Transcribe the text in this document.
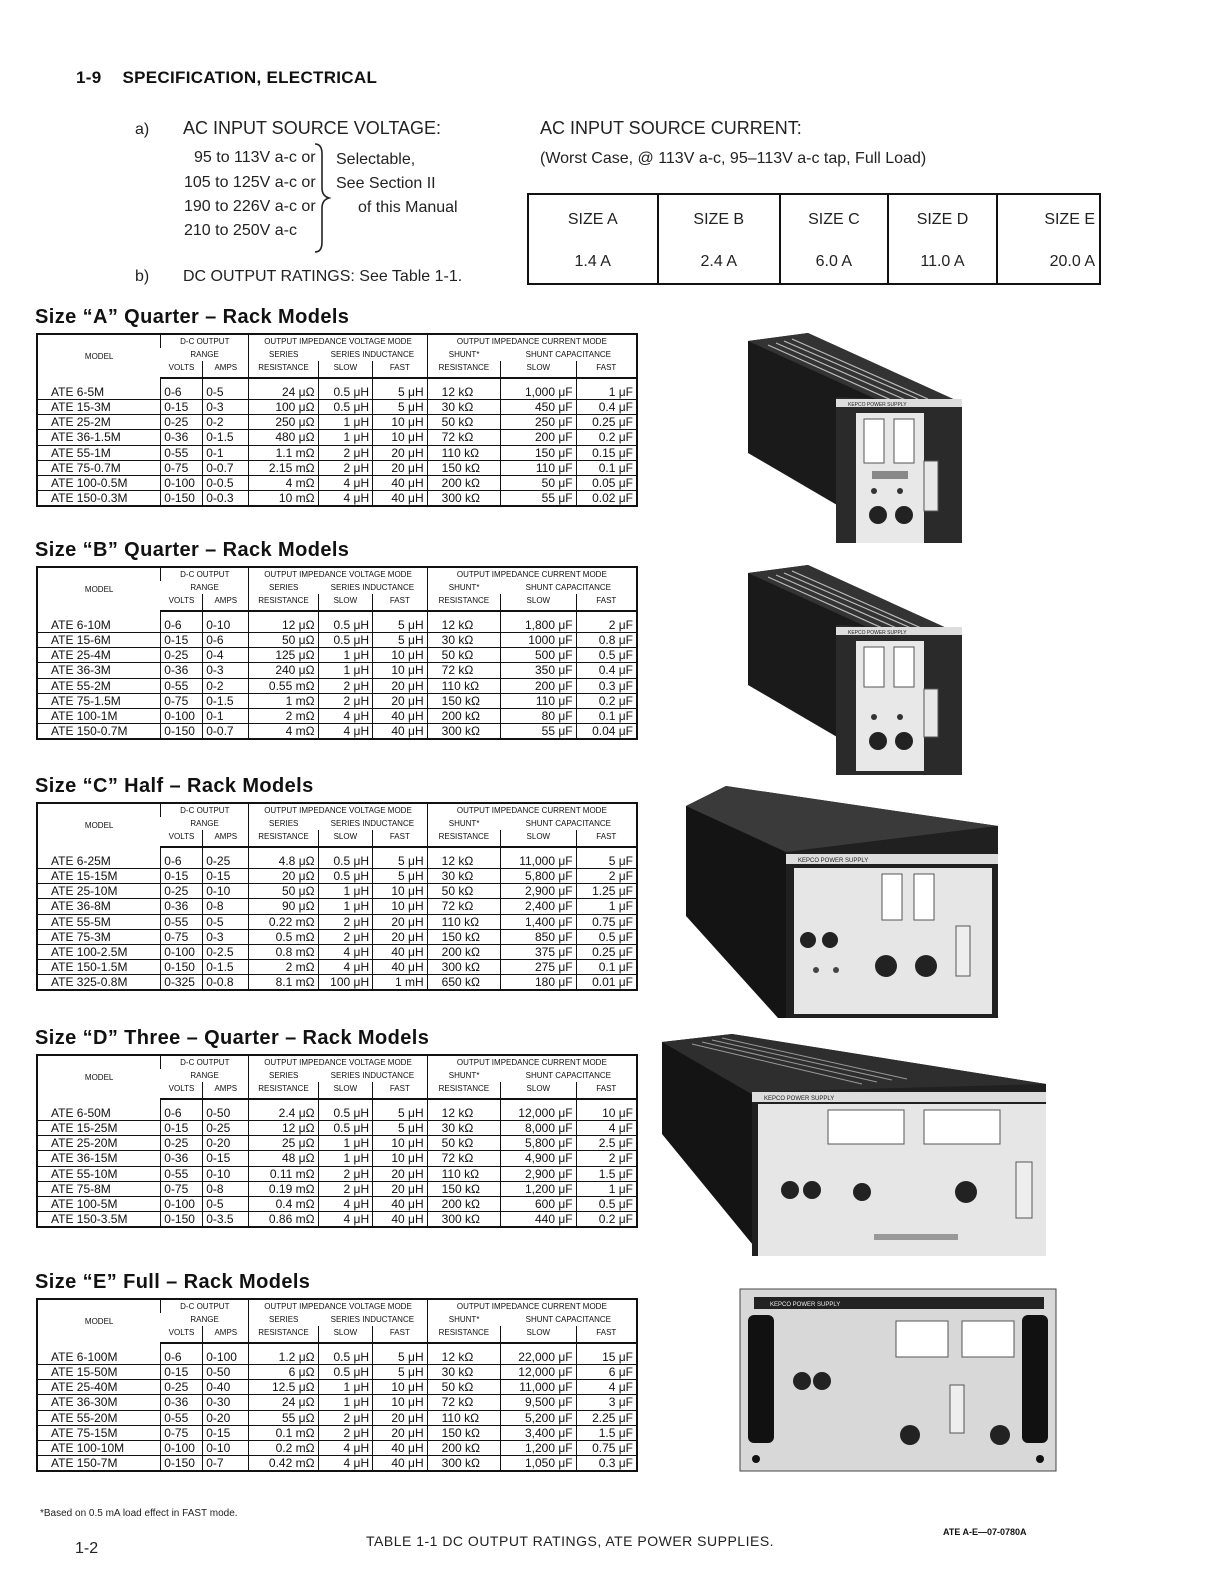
1-9 SPECIFICATION, ELECTRICAL
a) AC INPUT SOURCE VOLTAGE:
95 to 113V a-c or
105 to 125V a-c or
190 to 226V a-c or
210 to 250V a-c
Selectable,
See Section II
of this Manual
b) DC OUTPUT RATINGS: See Table 1-1.
AC INPUT SOURCE CURRENT:
(Worst Case, @ 113V a-c, 95–113V a-c tap, Full Load)
SIZE A	SIZE B	SIZE C	SIZE D	SIZE E
1.4 A	2.4 A	6.0 A	11.0 A	20.0 A
Size “A” Quarter – Rack Models
Size “B” Quarter – Rack Models
Size “C” Half – Rack Models
Size “D” Three – Quarter – Rack Models
Size “E” Full – Rack Models
MODEL	D-C OUTPUT		OUTPUT IMPEDANCE VOLTAGE MODE			OUTPUT IMPEDANCE CURRENT MODE		
	RANGE		SERIES	SERIES INDUCTANCE		SHUNT*	SHUNT CAPACITANCE	
	VOLTS	AMPS	RESISTANCE	SLOW	FAST	RESISTANCE	SLOW	FAST
ATE 6-5M	0-6	0-5	24 μΩ	0.5 μH	5 μH	12 kΩ	1,000 μF	1 μF
ATE 15-3M	0-15	0-3	100 μΩ	0.5 μH	5 μH	30 kΩ	450 μF	0.4 μF
ATE 25-2M	0-25	0-2	250 μΩ	1 μH	10 μH	50 kΩ	250 μF	0.25 μF
ATE 36-1.5M	0-36	0-1.5	480 μΩ	1 μH	10 μH	72 kΩ	200 μF	0.2 μF
ATE 55-1M	0-55	0-1	1.1 mΩ	2 μH	20 μH	110 kΩ	150 μF	0.15 μF
ATE 75-0.7M	0-75	0-0.7	2.15 mΩ	2 μH	20 μH	150 kΩ	110 μF	0.1 μF
ATE 100-0.5M	0-100	0-0.5	4 mΩ	4 μH	40 μH	200 kΩ	50 μF	0.05 μF
ATE 150-0.3M	0-150	0-0.3	10 mΩ	4 μH	40 μH	300 kΩ	55 μF	0.02 μF
MODEL	D-C OUTPUT		OUTPUT IMPEDANCE VOLTAGE MODE			OUTPUT IMPEDANCE CURRENT MODE		
	RANGE		SERIES	SERIES INDUCTANCE		SHUNT*	SHUNT CAPACITANCE	
	VOLTS	AMPS	RESISTANCE	SLOW	FAST	RESISTANCE	SLOW	FAST
ATE 6-10M	0-6	0-10	12 μΩ	0.5 μH	5 μH	12 kΩ	1,800 μF	2 μF
ATE 15-6M	0-15	0-6	50 μΩ	0.5 μH	5 μH	30 kΩ	1000 μF	0.8 μF
ATE 25-4M	0-25	0-4	125 μΩ	1 μH	10 μH	50 kΩ	500 μF	0.5 μF
ATE 36-3M	0-36	0-3	240 μΩ	1 μH	10 μH	72 kΩ	350 μF	0.4 μF
ATE 55-2M	0-55	0-2	0.55 mΩ	2 μH	20 μH	110 kΩ	200 μF	0.3 μF
ATE 75-1.5M	0-75	0-1.5	1 mΩ	2 μH	20 μH	150 kΩ	110 μF	0.2 μF
ATE 100-1M	0-100	0-1	2 mΩ	4 μH	40 μH	200 kΩ	80 μF	0.1 μF
ATE 150-0.7M	0-150	0-0.7	4 mΩ	4 μH	40 μH	300 kΩ	55 μF	0.04 μF
MODEL	D-C OUTPUT		OUTPUT IMPEDANCE VOLTAGE MODE			OUTPUT IMPEDANCE CURRENT MODE		
	RANGE		SERIES	SERIES INDUCTANCE		SHUNT*	SHUNT CAPACITANCE	
	VOLTS	AMPS	RESISTANCE	SLOW	FAST	RESISTANCE	SLOW	FAST
ATE 6-25M	0-6	0-25	4.8 μΩ	0.5 μH	5 μH	12 kΩ	11,000 μF	5 μF
ATE 15-15M	0-15	0-15	20 μΩ	0.5 μH	5 μH	30 kΩ	5,800 μF	2 μF
ATE 25-10M	0-25	0-10	50 μΩ	1 μH	10 μH	50 kΩ	2,900 μF	1.25 μF
ATE 36-8M	0-36	0-8	90 μΩ	1 μH	10 μH	72 kΩ	2,400 μF	1 μF
ATE 55-5M	0-55	0-5	0.22 mΩ	2 μH	20 μH	110 kΩ	1,400 μF	0.75 μF
ATE 75-3M	0-75	0-3	0.5 mΩ	2 μH	20 μH	150 kΩ	850 μF	0.5 μF
ATE 100-2.5M	0-100	0-2.5	0.8 mΩ	4 μH	40 μH	200 kΩ	375 μF	0.25 μF
ATE 150-1.5M	0-150	0-1.5	2 mΩ	4 μH	40 μH	300 kΩ	275 μF	0.1 μF
ATE 325-0.8M	0-325	0-0.8	8.1 mΩ	100 μH	1 mH	650 kΩ	180 μF	0.01 μF
MODEL	D-C OUTPUT		OUTPUT IMPEDANCE VOLTAGE MODE			OUTPUT IMPEDANCE CURRENT MODE		
	RANGE		SERIES	SERIES INDUCTANCE		SHUNT*	SHUNT CAPACITANCE	
	VOLTS	AMPS	RESISTANCE	SLOW	FAST	RESISTANCE	SLOW	FAST
ATE 6-50M	0-6	0-50	2.4 μΩ	0.5 μH	5 μH	12 kΩ	12,000 μF	10 μF
ATE 15-25M	0-15	0-25	12 μΩ	0.5 μH	5 μH	30 kΩ	8,000 μF	4 μF
ATE 25-20M	0-25	0-20	25 μΩ	1 μH	10 μH	50 kΩ	5,800 μF	2.5 μF
ATE 36-15M	0-36	0-15	48 μΩ	1 μH	10 μH	72 kΩ	4,900 μF	2 μF
ATE 55-10M	0-55	0-10	0.11 mΩ	2 μH	20 μH	110 kΩ	2,900 μF	1.5 μF
ATE 75-8M	0-75	0-8	0.19 mΩ	2 μH	20 μH	150 kΩ	1,200 μF	1 μF
ATE 100-5M	0-100	0-5	0.4 mΩ	4 μH	40 μH	200 kΩ	600 μF	0.5 μF
ATE 150-3.5M	0-150	0-3.5	0.86 mΩ	4 μH	40 μH	300 kΩ	440 μF	0.2 μF
MODEL	D-C OUTPUT		OUTPUT IMPEDANCE VOLTAGE MODE			OUTPUT IMPEDANCE CURRENT MODE		
	RANGE		SERIES	SERIES INDUCTANCE		SHUNT*	SHUNT CAPACITANCE	
	VOLTS	AMPS	RESISTANCE	SLOW	FAST	RESISTANCE	SLOW	FAST
ATE 6-100M	0-6	0-100	1.2 μΩ	0.5 μH	5 μH	12 kΩ	22,000 μF	15 μF
ATE 15-50M	0-15	0-50	6 μΩ	0.5 μH	5 μH	30 kΩ	12,000 μF	6 μF
ATE 25-40M	0-25	0-40	12.5 μΩ	1 μH	10 μH	50 kΩ	11,000 μF	4 μF
ATE 36-30M	0-36	0-30	24 μΩ	1 μH	10 μH	72 kΩ	9,500 μF	3 μF
ATE 55-20M	0-55	0-20	55 μΩ	2 μH	20 μH	110 kΩ	5,200 μF	2.25 μF
ATE 75-15M	0-75	0-15	0.1 mΩ	2 μH	20 μH	150 kΩ	3,400 μF	1.5 μF
ATE 100-10M	0-100	0-10	0.2 mΩ	4 μH	40 μH	200 kΩ	1,200 μF	0.75 μF
ATE 150-7M	0-150	0-7	0.42 mΩ	4 μH	40 μH	300 kΩ	1,050 μF	0.3 μF
KEPCO POWER SUPPLY
KEPCO POWER SUPPLY
KEPCO POWER SUPPLY
KEPCO POWER SUPPLY
KEPCO POWER SUPPLY
*Based on 0.5 mA load effect in FAST mode.
1-2	TABLE 1-1 DC OUTPUT RATINGS, ATE POWER SUPPLIES.
ATE A-E—07-0780A
